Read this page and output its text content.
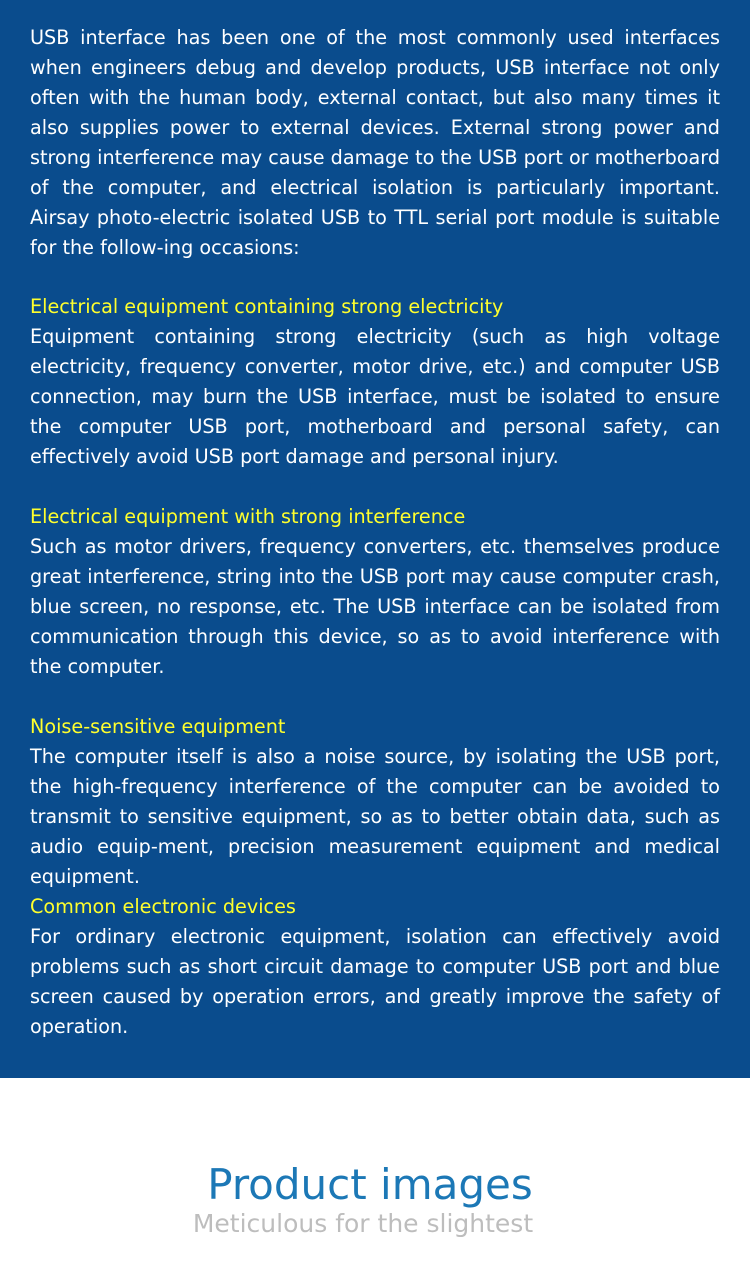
USB interface has been one of the most commonly used interfaces when engineers debug and develop products, USB interface not only often with the human body, external contact, but also many times it also supplies power to external devices. External strong power and strong interference may cause damage to the USB port or motherboard of the computer, and electrical isolation is particularly important. Airsay photo-electric isolated USB to TTL serial port module is suitable for the follow-ing occasions:

Electrical equipment containing strong electricity

Equipment containing strong electricity (such as high voltage electricity, frequency converter, motor drive, etc.) and computer USB connection, may burn the USB interface, must be isolated to ensure the computer USB port, motherboard and personal safety, can effectively avoid USB port damage and personal injury.

Electrical equipment with strong interference

Such as motor drivers, frequency converters, etc. themselves produce great interference, string into the USB port may cause computer crash, blue screen, no response, etc. The USB interface can be isolated from communication through this device, so as to avoid interference with the computer.

Noise-sensitive equipment

The computer itself is also a noise source, by isolating the USB port, the high-frequency interference of the computer can be avoided to transmit to sensitive equipment, so as to better obtain data, such as audio equip-ment, precision measurement equipment and medical equipment.

Common electronic devices

For ordinary electronic equipment, isolation can effectively avoid problems such as short circuit damage to computer USB port and blue screen caused by operation errors, and greatly improve the safety of operation.

Product images
Meticulous for the slightest
